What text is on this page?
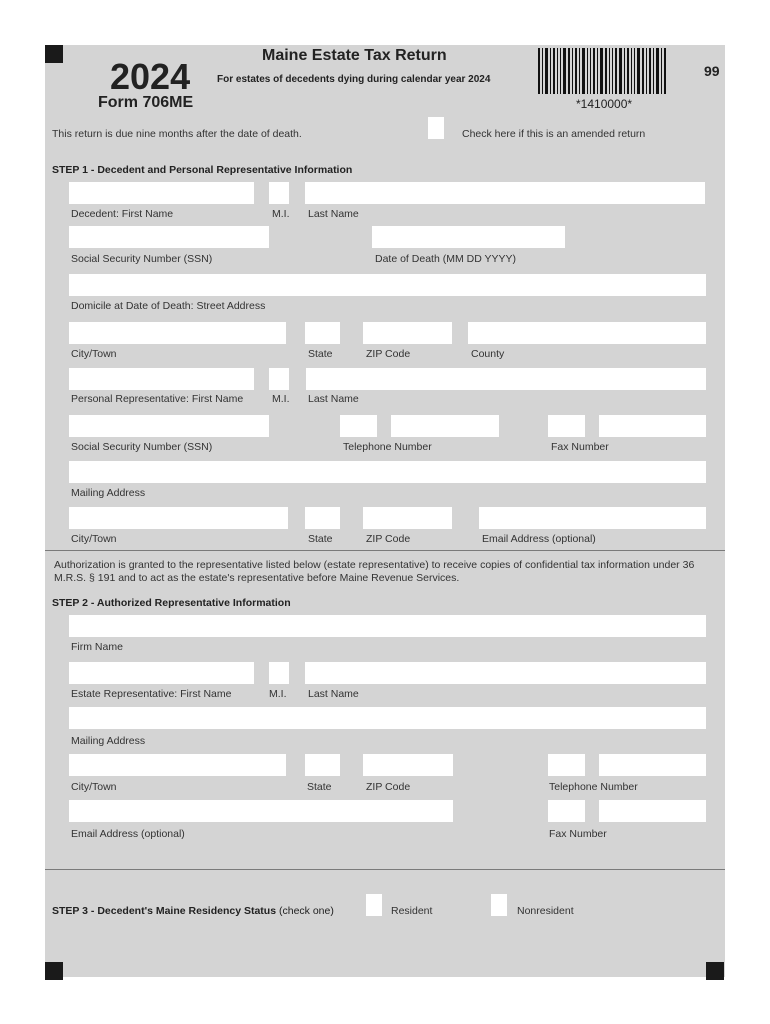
2024
Form 706ME
Maine Estate Tax Return
For estates of decedents dying during calendar year 2024
*1410000*
99
This return is due nine months after the date of death.	Check here if this is an amended return
STEP 1 - Decedent and Personal Representative Information
Decedent: First Name	M.I. Last Name
Social Security Number (SSN)	Date of Death (MM DD YYYY)
Domicile at Date of Death: Street Address
City/Town	State	ZIP Code	County
Personal Representative: First Name	M.I. Last Name
Social Security Number (SSN)	Telephone Number	Fax Number
Mailing Address
City/Town	State	ZIP Code	Email Address (optional)
Authorization is granted to the representative listed below (estate representative) to receive copies of confidential tax information under 36 M.R.S. § 191 and to act as the estate's representative before Maine Revenue Services.
STEP 2 - Authorized Representative Information
Firm Name
Estate Representative: First Name	M.I. Last Name
Mailing Address
City/Town	State	ZIP Code	Telephone Number
Email Address (optional)	Fax Number
STEP 3 - Decedent's Maine Residency Status (check one)	Resident	Nonresident
